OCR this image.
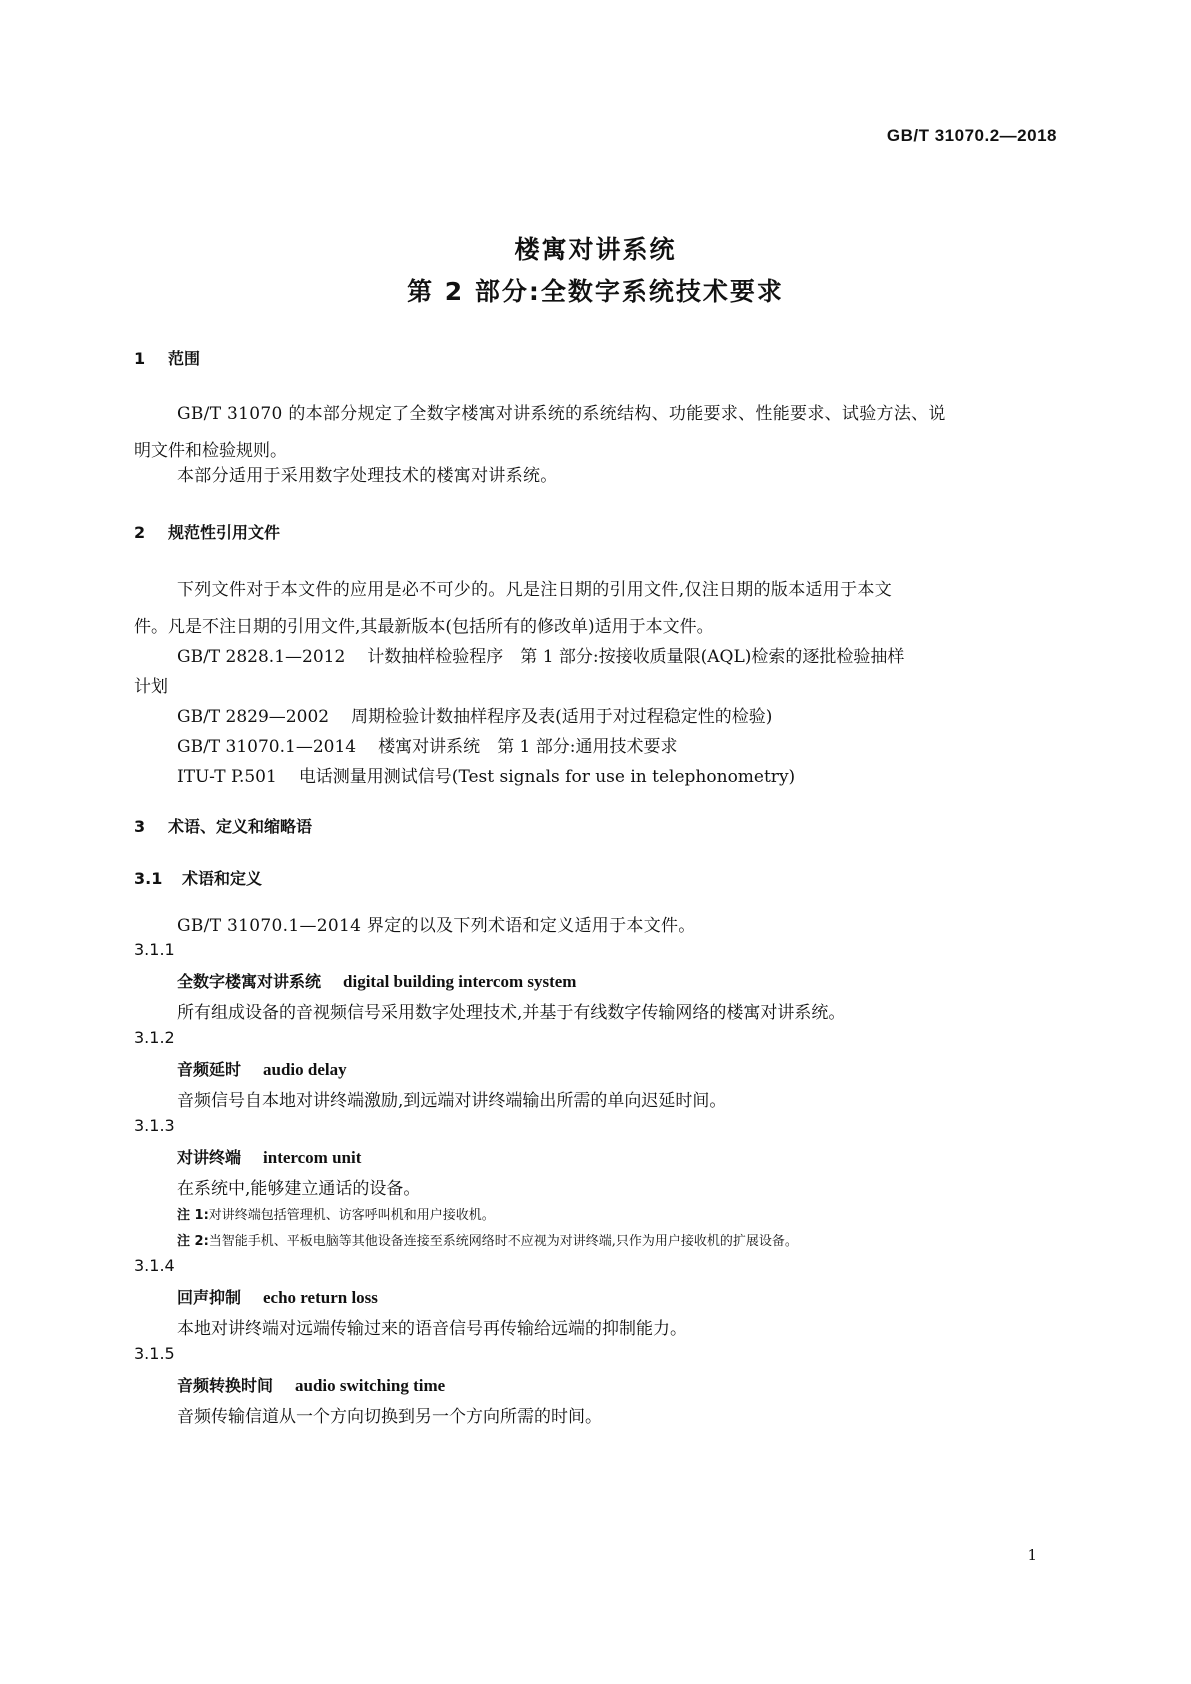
GB/T 31070.2—2018
楼寓对讲系统
第 2 部分:全数字系统技术要求
1 范围
GB/T 31070 的本部分规定了全数字楼寓对讲系统的系统结构、功能要求、性能要求、试验方法、说
明文件和检验规则。
本部分适用于采用数字处理技术的楼寓对讲系统。
2 规范性引用文件
下列文件对于本文件的应用是必不可少的。凡是注日期的引用文件,仅注日期的版本适用于本文
件。凡是不注日期的引用文件,其最新版本(包括所有的修改单)适用于本文件。
GB/T 2828.1—2012 计数抽样检验程序　第 1 部分:按接收质量限(AQL)检索的逐批检验抽样
计划
GB/T 2829—2002 周期检验计数抽样程序及表(适用于对过程稳定性的检验)
GB/T 31070.1—2014 楼寓对讲系统　第 1 部分:通用技术要求
ITU-T P.501 电话测量用测试信号(Test signals for use in telephonometry)
3 术语、定义和缩略语
3.1 术语和定义
GB/T 31070.1—2014 界定的以及下列术语和定义适用于本文件。
3.1.1
全数字楼寓对讲系统 digital building intercom system
所有组成设备的音视频信号采用数字处理技术,并基于有线数字传输网络的楼寓对讲系统。
3.1.2
音频延时 audio delay
音频信号自本地对讲终端激励,到远端对讲终端输出所需的单向迟延时间。
3.1.3
对讲终端 intercom unit
在系统中,能够建立通话的设备。
注 1:对讲终端包括管理机、访客呼叫机和用户接收机。
注 2:当智能手机、平板电脑等其他设备连接至系统网络时不应视为对讲终端,只作为用户接收机的扩展设备。
3.1.4
回声抑制 echo return loss
本地对讲终端对远端传输过来的语音信号再传输给远端的抑制能力。
3.1.5
音频转换时间 audio switching time
音频传输信道从一个方向切换到另一个方向所需的时间。
1
